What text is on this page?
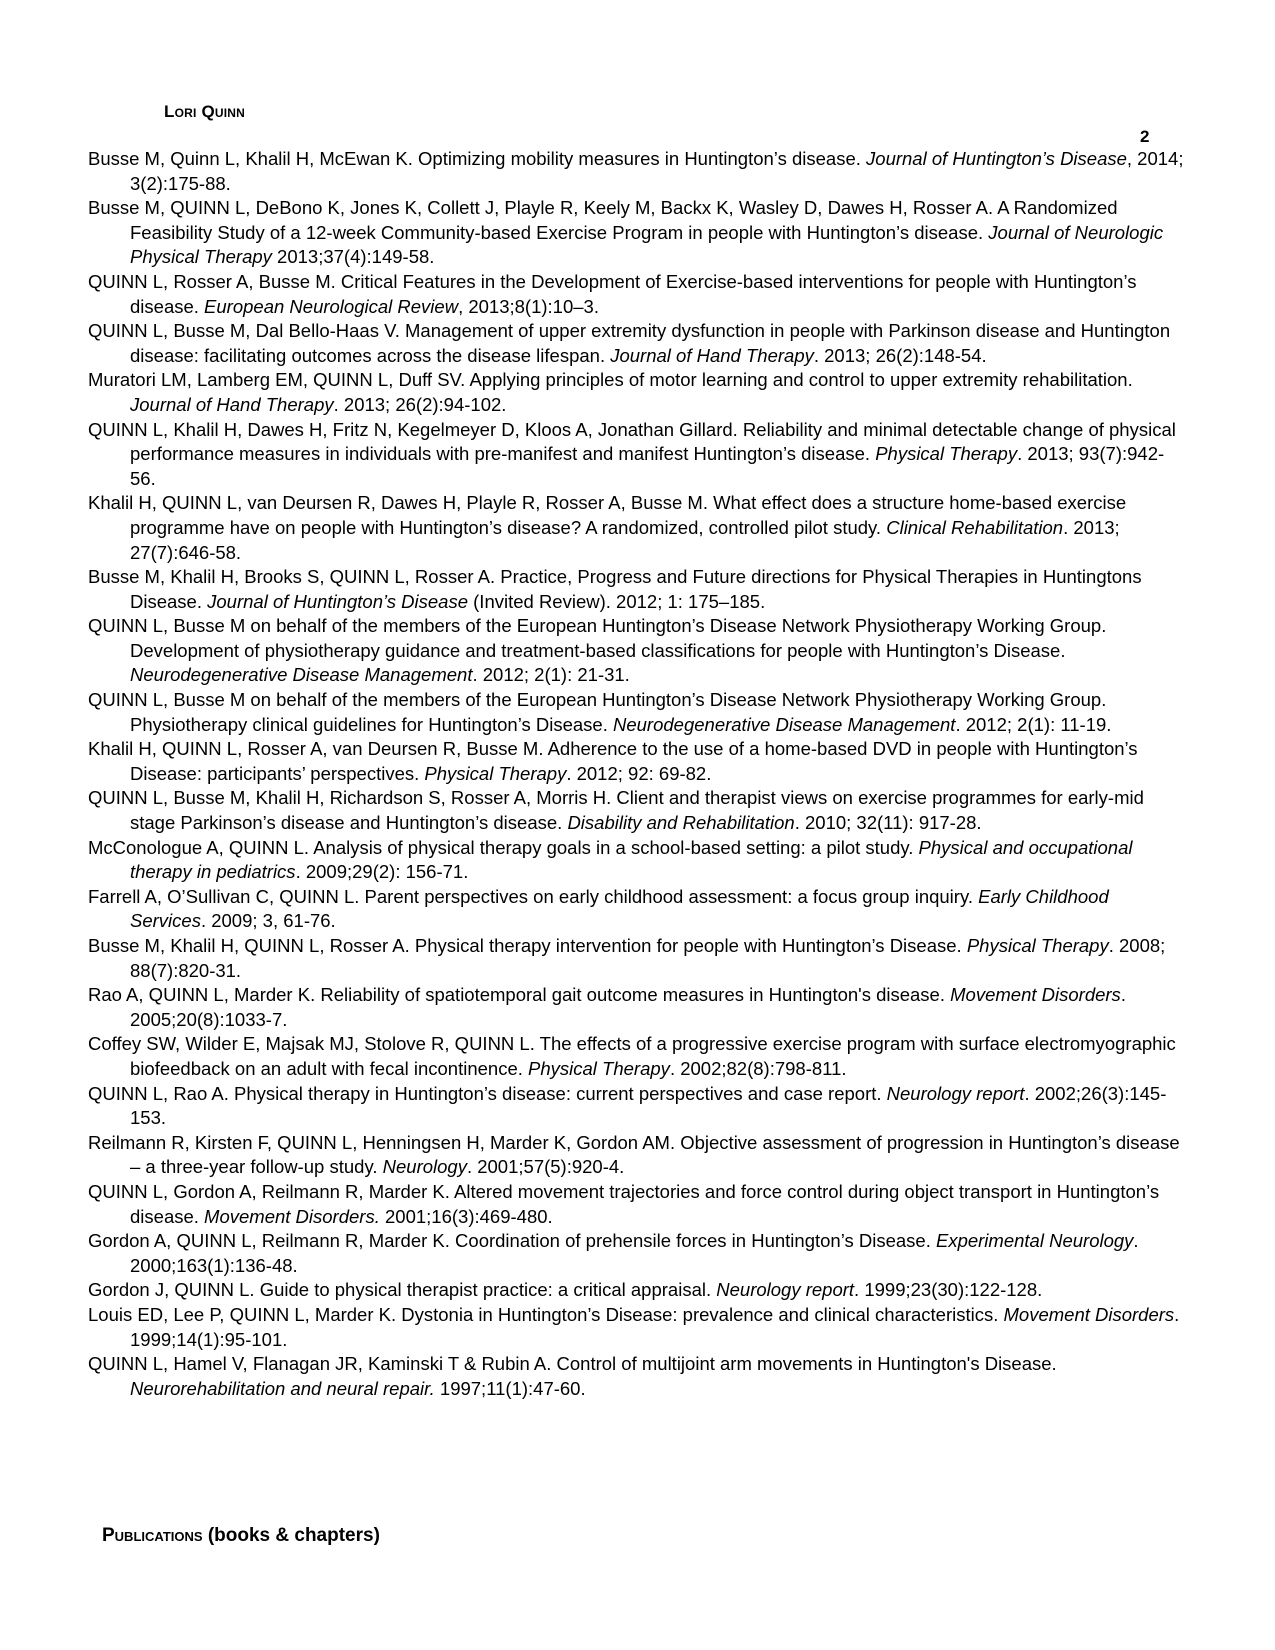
Lori Quinn
2
Busse M, Quinn L, Khalil H, McEwan K. Optimizing mobility measures in Huntington’s disease. Journal of Huntington’s Disease, 2014; 3(2):175-88.
Busse M, QUINN L, DeBono K, Jones K, Collett J, Playle R, Keely M, Backx K, Wasley D, Dawes H, Rosser A. A Randomized Feasibility Study of a 12-week Community-based Exercise Program in people with Huntington’s disease. Journal of Neurologic Physical Therapy 2013;37(4):149-58.
QUINN L, Rosser A, Busse M. Critical Features in the Development of Exercise-based interventions for people with Huntington’s disease. European Neurological Review, 2013;8(1):10–3.
QUINN L, Busse M, Dal Bello-Haas V. Management of upper extremity dysfunction in people with Parkinson disease and Huntington disease: facilitating outcomes across the disease lifespan. Journal of Hand Therapy. 2013; 26(2):148-54.
Muratori LM, Lamberg EM, QUINN L, Duff SV. Applying principles of motor learning and control to upper extremity rehabilitation. Journal of Hand Therapy. 2013; 26(2):94-102.
QUINN L, Khalil H, Dawes H, Fritz N, Kegelmeyer D, Kloos A, Jonathan Gillard. Reliability and minimal detectable change of physical performance measures in individuals with pre-manifest and manifest Huntington’s disease. Physical Therapy. 2013; 93(7):942-56.
Khalil H, QUINN L, van Deursen R, Dawes H, Playle R, Rosser A, Busse M. What effect does a structure home-based exercise programme have on people with Huntington’s disease? A randomized, controlled pilot study. Clinical Rehabilitation. 2013; 27(7):646-58.
Busse M, Khalil H, Brooks S, QUINN L, Rosser A. Practice, Progress and Future directions for Physical Therapies in Huntingtons Disease. Journal of Huntington’s Disease (Invited Review). 2012; 1: 175–185.
QUINN L, Busse M on behalf of the members of the European Huntington’s Disease Network Physiotherapy Working Group. Development of physiotherapy guidance and treatment-based classifications for people with Huntington’s Disease. Neurodegenerative Disease Management. 2012; 2(1): 21-31.
QUINN L, Busse M on behalf of the members of the European Huntington’s Disease Network Physiotherapy Working Group. Physiotherapy clinical guidelines for Huntington’s Disease. Neurodegenerative Disease Management. 2012; 2(1): 11-19.
Khalil H, QUINN L, Rosser A, van Deursen R, Busse M. Adherence to the use of a home-based DVD in people with Huntington’s Disease: participants’ perspectives. Physical Therapy. 2012; 92: 69-82.
QUINN L, Busse M, Khalil H, Richardson S, Rosser A, Morris H. Client and therapist views on exercise programmes for early-mid stage Parkinson’s disease and Huntington’s disease. Disability and Rehabilitation. 2010; 32(11): 917-28.
McConologue A, QUINN L. Analysis of physical therapy goals in a school-based setting: a pilot study. Physical and occupational therapy in pediatrics. 2009;29(2): 156-71.
Farrell A, O’Sullivan C, QUINN L. Parent perspectives on early childhood assessment: a focus group inquiry. Early Childhood Services. 2009; 3, 61-76.
Busse M, Khalil H, QUINN L, Rosser A. Physical therapy intervention for people with Huntington’s Disease. Physical Therapy. 2008; 88(7):820-31.
Rao A, QUINN L, Marder K. Reliability of spatiotemporal gait outcome measures in Huntington's disease. Movement Disorders. 2005;20(8):1033-7.
Coffey SW, Wilder E, Majsak MJ, Stolove R, QUINN L. The effects of a progressive exercise program with surface electromyographic biofeedback on an adult with fecal incontinence. Physical Therapy. 2002;82(8):798-811.
QUINN L, Rao A. Physical therapy in Huntington’s disease: current perspectives and case report. Neurology report. 2002;26(3):145-153.
Reilmann R, Kirsten F, QUINN L, Henningsen H, Marder K, Gordon AM. Objective assessment of progression in Huntington’s disease – a three-year follow-up study. Neurology. 2001;57(5):920-4.
QUINN L, Gordon A, Reilmann R, Marder K. Altered movement trajectories and force control during object transport in Huntington’s disease. Movement Disorders. 2001;16(3):469-480.
Gordon A, QUINN L, Reilmann R, Marder K. Coordination of prehensile forces in Huntington’s Disease. Experimental Neurology. 2000;163(1):136-48.
Gordon J, QUINN L. Guide to physical therapist practice: a critical appraisal. Neurology report. 1999;23(30):122-128.
Louis ED, Lee P, QUINN L, Marder K. Dystonia in Huntington’s Disease: prevalence and clinical characteristics. Movement Disorders. 1999;14(1):95-101.
QUINN L, Hamel V, Flanagan JR, Kaminski T & Rubin A. Control of multijoint arm movements in Huntington's Disease. Neurorehabilitation and neural repair. 1997;11(1):47-60.
Publications (books & chapters)
